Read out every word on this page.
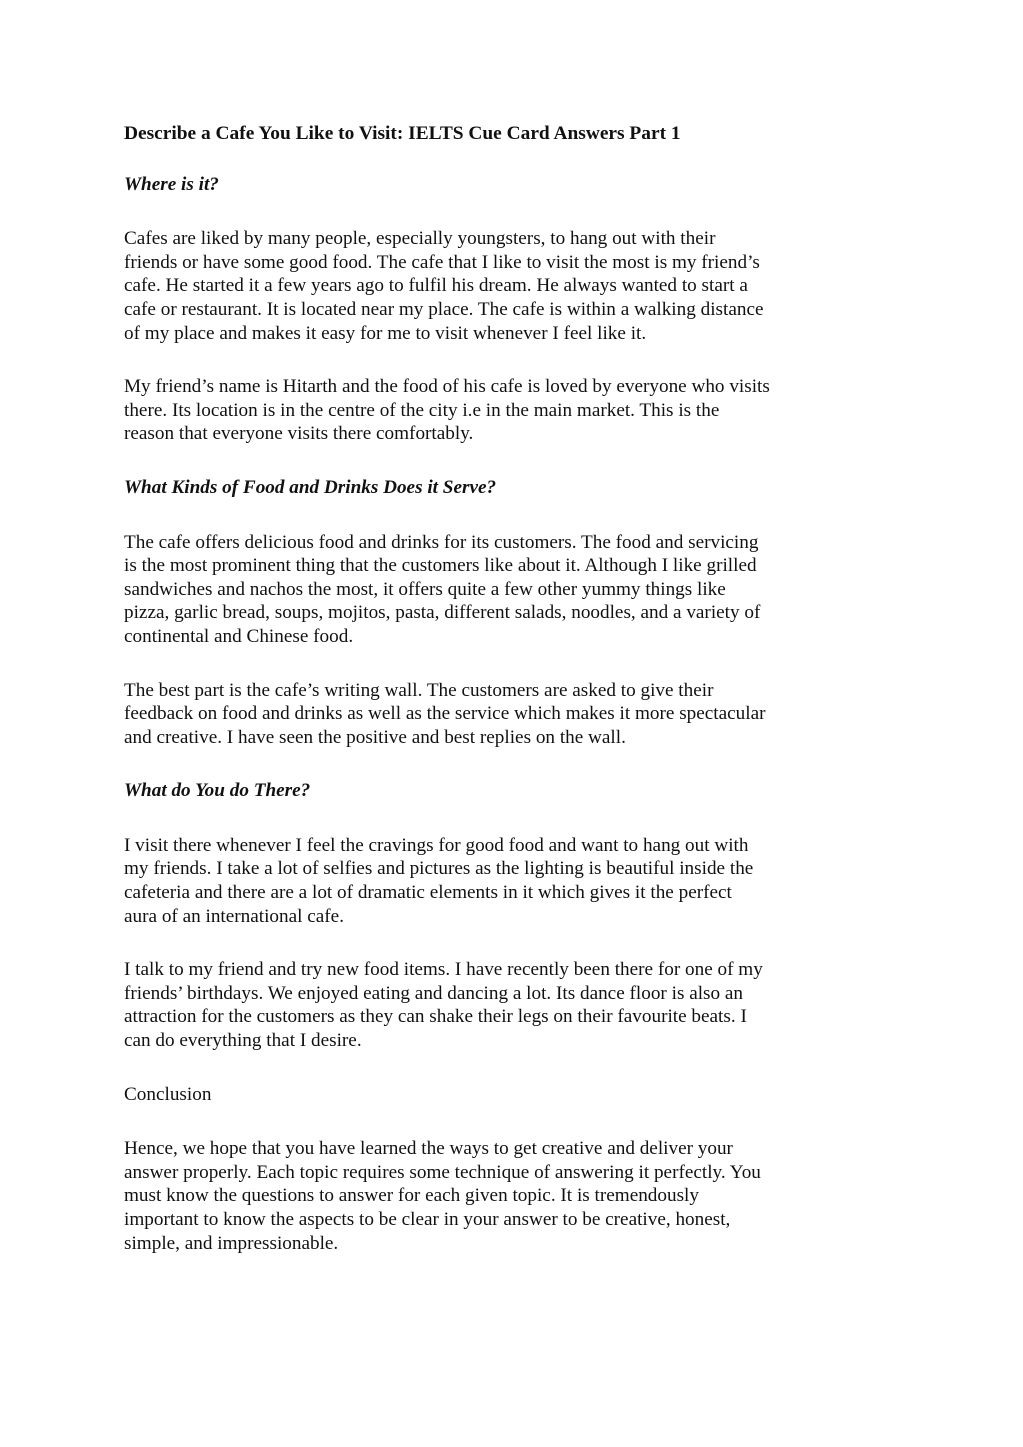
Describe a Cafe You Like to Visit: IELTS Cue Card Answers Part 1
Where is it?
Cafes are liked by many people, especially youngsters, to hang out with their
friends or have some good food. The cafe that I like to visit the most is my friend’s
cafe. He started it a few years ago to fulfil his dream. He always wanted to start a
cafe or restaurant. It is located near my place. The cafe is within a walking distance
of my place and makes it easy for me to visit whenever I feel like it.
My friend’s name is Hitarth and the food of his cafe is loved by everyone who visits
there. Its location is in the centre of the city i.e in the main market. This is the
reason that everyone visits there comfortably.
What Kinds of Food and Drinks Does it Serve?
The cafe offers delicious food and drinks for its customers. The food and servicing
is the most prominent thing that the customers like about it. Although I like grilled
sandwiches and nachos the most, it offers quite a few other yummy things like
pizza, garlic bread, soups, mojitos, pasta, different salads, noodles, and a variety of
continental and Chinese food.
The best part is the cafe’s writing wall. The customers are asked to give their
feedback on food and drinks as well as the service which makes it more spectacular
and creative. I have seen the positive and best replies on the wall.
What do You do There?
I visit there whenever I feel the cravings for good food and want to hang out with
my friends. I take a lot of selfies and pictures as the lighting is beautiful inside the
cafeteria and there are a lot of dramatic elements in it which gives it the perfect
aura of an international cafe.
I talk to my friend and try new food items. I have recently been there for one of my
friends’ birthdays. We enjoyed eating and dancing a lot. Its dance floor is also an
attraction for the customers as they can shake their legs on their favourite beats. I
can do everything that I desire.
Conclusion
Hence, we hope that you have learned the ways to get creative and deliver your
answer properly. Each topic requires some technique of answering it perfectly. You
must know the questions to answer for each given topic. It is tremendously
important to know the aspects to be clear in your answer to be creative, honest,
simple, and impressionable.
